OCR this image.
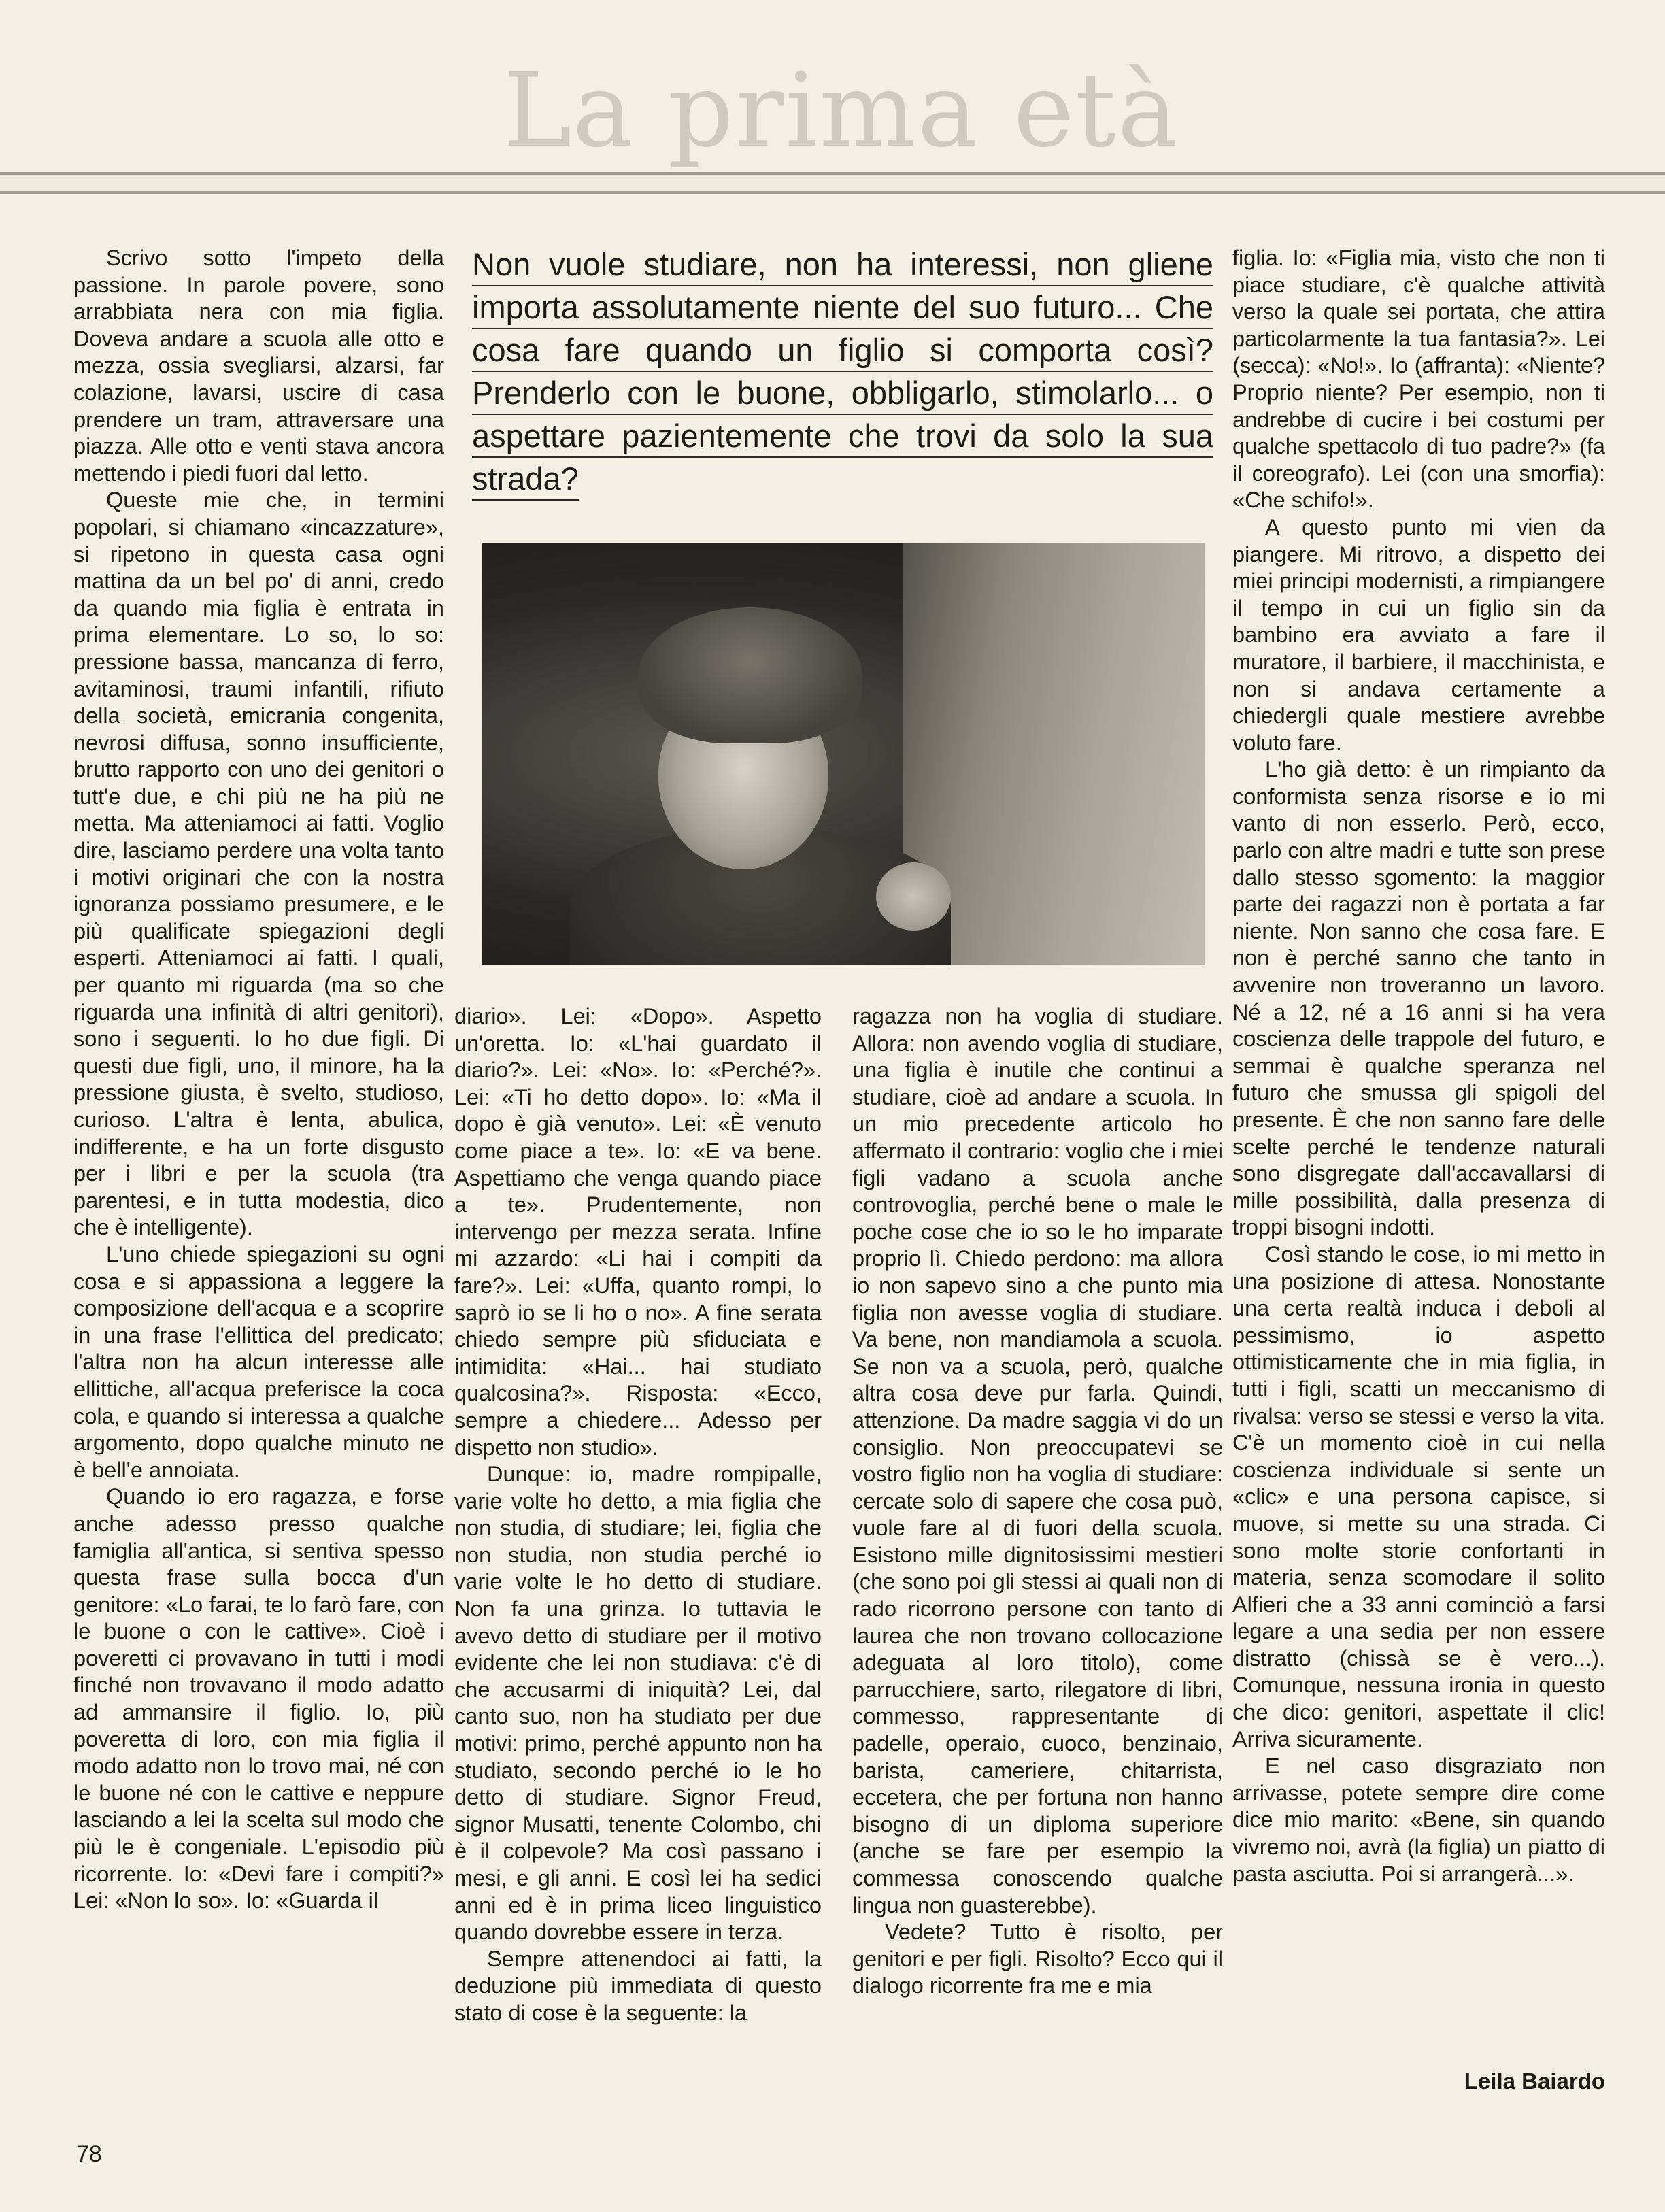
La prima età

Scrivo sotto l'impeto della passione. In parole povere, sono arrabbiata nera con mia figlia. Doveva andare a scuola alle otto e mezza, ossia svegliarsi, alzarsi, far colazione, lavarsi, uscire di casa prendere un tram, attraversare una piazza. Alle otto e venti stava ancora mettendo i piedi fuori dal letto.

Queste mie che, in termini popolari, si chiamano «incazzature», si ripetono in questa casa ogni mattina da un bel po' di anni, credo da quando mia figlia è entrata in prima elementare. Lo so, lo so: pressione bassa, mancanza di ferro, avitaminosi, traumi infantili, rifiuto della società, emicrania congenita, nevrosi diffusa, sonno insufficiente, brutto rapporto con uno dei genitori o tutt'e due, e chi più ne ha più ne metta. Ma atteniamoci ai fatti. Voglio dire, lasciamo perdere una volta tanto i motivi originari che con la nostra ignoranza possiamo presumere, e le più qualificate spiegazioni degli esperti. Atteniamoci ai fatti. I quali, per quanto mi riguarda (ma so che riguarda una infinità di altri genitori), sono i seguenti. Io ho due figli. Di questi due figli, uno, il minore, ha la pressione giusta, è svelto, studioso, curioso. L'altra è lenta, abulica, indifferente, e ha un forte disgusto per i libri e per la scuola (tra parentesi, e in tutta modestia, dico che è intelligente).

L'uno chiede spiegazioni su ogni cosa e si appassiona a leggere la composizione dell'acqua e a scoprire in una frase l'ellittica del predicato; l'altra non ha alcun interesse alle ellittiche, all'acqua preferisce la coca cola, e quando si interessa a qualche argomento, dopo qualche minuto ne è bell'e annoiata.

Quando io ero ragazza, e forse anche adesso presso qualche famiglia all'antica, si sentiva spesso questa frase sulla bocca d'un genitore: «Lo farai, te lo farò fare, con le buone o con le cattive». Cioè i poveretti ci provavano in tutti i modi finché non trovavano il modo adatto ad ammansire il figlio. Io, più poveretta di loro, con mia figlia il modo adatto non lo trovo mai, né con le buone né con le cattive e neppure lasciando a lei la scelta sul modo che più le è congeniale. L'episodio più ricorrente. Io: «Devi fare i compiti?» Lei: «Non lo so». Io: «Guarda il

Non vuole studiare, non ha interessi, non gliene importa assolutamente niente del suo futuro... Che cosa fare quando un figlio si comporta così? Prenderlo con le buone, obbligarlo, stimolarlo... o aspettare pazientemente che trovi da solo la sua strada?

diario». Lei: «Dopo». Aspetto un'oretta. Io: «L'hai guardato il diario?». Lei: «No». Io: «Perché?». Lei: «Ti ho detto dopo». Io: «Ma il dopo è già venuto». Lei: «È venuto come piace a te». Io: «E va bene. Aspettiamo che venga quando piace a te». Prudentemente, non intervengo per mezza serata. Infine mi azzardo: «Li hai i compiti da fare?». Lei: «Uffa, quanto rompi, lo saprò io se li ho o no». A fine serata chiedo sempre più sfiduciata e intimidita: «Hai... hai studiato qualcosina?». Risposta: «Ecco, sempre a chiedere... Adesso per dispetto non studio».

Dunque: io, madre rompipalle, varie volte ho detto, a mia figlia che non studia, di studiare; lei, figlia che non studia, non studia perché io varie volte le ho detto di studiare. Non fa una grinza. Io tuttavia le avevo detto di studiare per il motivo evidente che lei non studiava: c'è di che accusarmi di iniquità? Lei, dal canto suo, non ha studiato per due motivi: primo, perché appunto non ha studiato, secondo perché io le ho detto di studiare. Signor Freud, signor Musatti, tenente Colombo, chi è il colpevole? Ma così passano i mesi, e gli anni. E così lei ha sedici anni ed è in prima liceo linguistico quando dovrebbe essere in terza.

Sempre attenendoci ai fatti, la deduzione più immediata di questo stato di cose è la seguente: la

ragazza non ha voglia di studiare. Allora: non avendo voglia di studiare, una figlia è inutile che continui a studiare, cioè ad andare a scuola. In un mio precedente articolo ho affermato il contrario: voglio che i miei figli vadano a scuola anche controvoglia, perché bene o male le poche cose che io so le ho imparate proprio lì. Chiedo perdono: ma allora io non sapevo sino a che punto mia figlia non avesse voglia di studiare. Va bene, non mandiamola a scuola. Se non va a scuola, però, qualche altra cosa deve pur farla. Quindi, attenzione. Da madre saggia vi do un consiglio. Non preoccupatevi se vostro figlio non ha voglia di studiare: cercate solo di sapere che cosa può, vuole fare al di fuori della scuola. Esistono mille dignitosissimi mestieri (che sono poi gli stessi ai quali non di rado ricorrono persone con tanto di laurea che non trovano collocazione adeguata al loro titolo), come parrucchiere, sarto, rilegatore di libri, commesso, rappresentante di padelle, operaio, cuoco, benzinaio, barista, cameriere, chitarrista, eccetera, che per fortuna non hanno bisogno di un diploma superiore (anche se fare per esempio la commessa conoscendo qualche lingua non guasterebbe).

Vedete? Tutto è risolto, per genitori e per figli. Risolto? Ecco qui il dialogo ricorrente fra me e mia

figlia. Io: «Figlia mia, visto che non ti piace studiare, c'è qualche attività verso la quale sei portata, che attira particolarmente la tua fantasia?». Lei (secca): «No!». Io (affranta): «Niente? Proprio niente? Per esempio, non ti andrebbe di cucire i bei costumi per qualche spettacolo di tuo padre?» (fa il coreografo). Lei (con una smorfia): «Che schifo!».

A questo punto mi vien da piangere. Mi ritrovo, a dispetto dei miei principi modernisti, a rimpiangere il tempo in cui un figlio sin da bambino era avviato a fare il muratore, il barbiere, il macchinista, e non si andava certamente a chiedergli quale mestiere avrebbe voluto fare.

L'ho già detto: è un rimpianto da conformista senza risorse e io mi vanto di non esserlo. Però, ecco, parlo con altre madri e tutte son prese dallo stesso sgomento: la maggior parte dei ragazzi non è portata a far niente. Non sanno che cosa fare. E non è perché sanno che tanto in avvenire non troveranno un lavoro. Né a 12, né a 16 anni si ha vera coscienza delle trappole del futuro, e semmai è qualche speranza nel futuro che smussa gli spigoli del presente. È che non sanno fare delle scelte perché le tendenze naturali sono disgregate dall'accavallarsi di mille possibilità, dalla presenza di troppi bisogni indotti.

Così stando le cose, io mi metto in una posizione di attesa. Nonostante una certa realtà induca i deboli al pessimismo, io aspetto ottimisticamente che in mia figlia, in tutti i figli, scatti un meccanismo di rivalsa: verso se stessi e verso la vita. C'è un momento cioè in cui nella coscienza individuale si sente un «clic» e una persona capisce, si muove, si mette su una strada. Ci sono molte storie confortanti in materia, senza scomodare il solito Alfieri che a 33 anni cominciò a farsi legare a una sedia per non essere distratto (chissà se è vero...). Comunque, nessuna ironia in questo che dico: genitori, aspettate il clic! Arriva sicuramente.

E nel caso disgraziato non arrivasse, potete sempre dire come dice mio marito: «Bene, sin quando vivremo noi, avrà (la figlia) un piatto di pasta asciutta. Poi si arrangerà...».

Leila Baiardo
78
